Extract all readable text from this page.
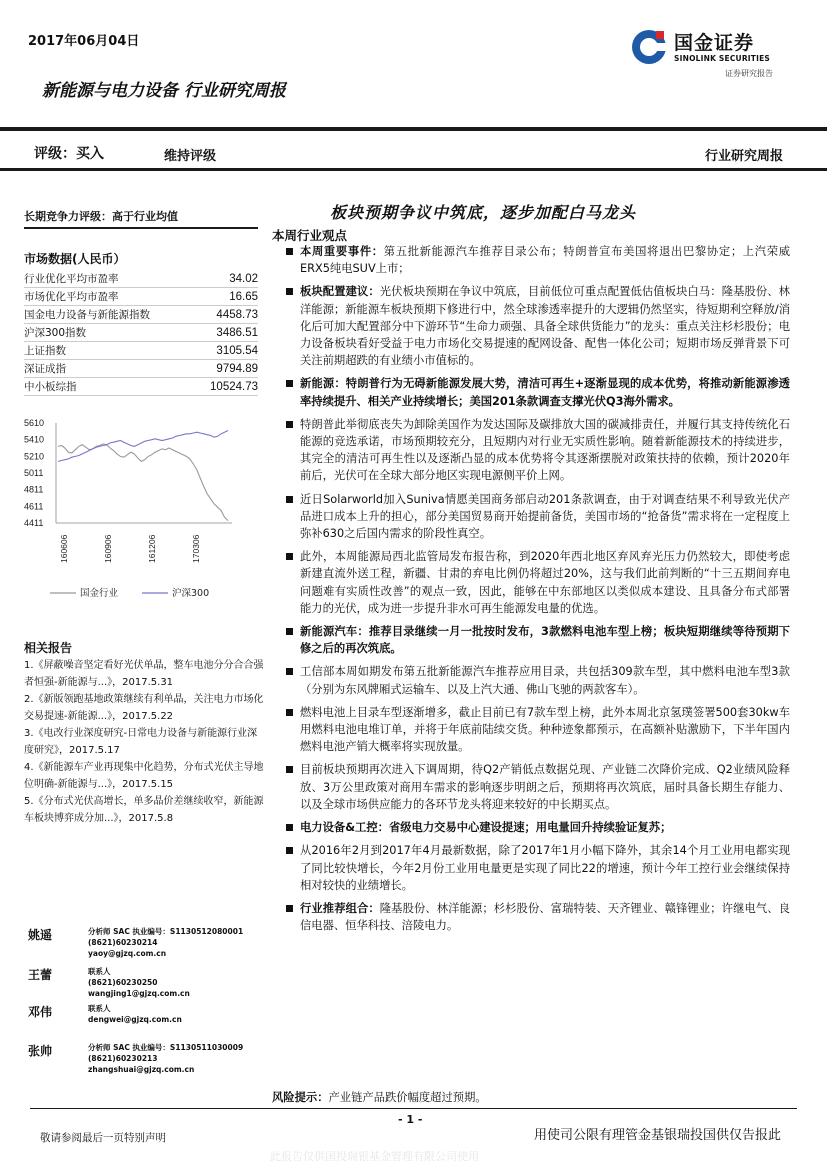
2017年06月04日	国金证券
SINOLINK SECURITIES
证券研究报告
新能源与电力设备 行业研究周报
评级：买入	维持评级	行业研究周报
长期竞争力评级：高于行业均值
市场数据(人民币）
行业优化平均市盈率	34.02
市场优化平均市盈率	16.65
国金电力设备与新能源指数	4458.73
沪深300指数	3486.51
上证指数	3105.54
深证成指	9794.89
中小板综指	10524.73
5610
5410
5210
5011
4811
4611
4411
160606	160906	161206	170306
国金行业	沪深300
相关报告

1.《屏蔽噪音坚定看好光伏单晶，整车电池分分合合强者恒强-新能源与...》，2017.5.31

2.《新版领跑基地政策继续有利单晶，关注电力市场化交易提速-新能源...》，2017.5.22

3.《电改行业深度研究-日常电力设备与新能源行业深度研究》，2017.5.17

4.《新能源车产业再现集中化趋势，分布式光伏主导地位明确-新能源与...》，2017.5.15

5.《分布式光伏高增长，单多晶价差继续收窄，新能源车板块博弈成分加...》，2017.5.8

姚遥	分析师 SAC 执业编号：S1130512080001
(8621)60230214
yaoy@gjzq.com.cn
王蕾	联系人
(8621)60230250
wangjing1@gjzq.com.cn
邓伟	联系人
dengwei@gjzq.com.cn
张帅	分析师 SAC 执业编号：S1130511030009
(8621)60230213
zhangshuai@gjzq.com.cn
板块预期争议中筑底，逐步加配白马龙头
本周行业观点
本周重要事件：第五批新能源汽车推荐目录公布；特朗普宣布美国将退出巴黎协定；上汽荣威ERX5纯电SUV上市；
板块配置建议：光伏板块预期在争议中筑底，目前低位可重点配置低估值板块白马：隆基股份、林洋能源；新能源车板块预期下修进行中，然全球渗透率提升的大逻辑仍然坚实，待短期利空释放/消化后可加大配置部分中下游环节“生命力顽强、具备全球供货能力”的龙头：重点关注杉杉股份；电力设备板块看好受益于电力市场化交易提速的配网设备、配售一体化公司；短期市场反弹背景下可关注前期超跌的有业绩小市值标的。
新能源：特朗普行为无碍新能源发展大势，清洁可再生+逐渐显现的成本优势，将推动新能源渗透率持续提升、相关产业持续增长；美国201条款调查支撑光伏Q3海外需求。
特朗普此举彻底丧失为卸除美国作为发达国际及碳排放大国的碳减排责任，并履行其支持传统化石能源的竞选承诺，市场预期较充分，且短期内对行业无实质性影响。随着新能源技术的持续进步，其完全的清洁可再生性以及逐渐凸显的成本优势将令其逐渐摆脱对政策扶持的依赖，预计2020年前后，光伏可在全球大部分地区实现电源侧平价上网。
近日Solarworld加入Suniva情愿美国商务部启动201条款调查，由于对调查结果不利导致光伏产品进口成本上升的担心，部分美国贸易商开始提前备货，美国市场的“抢备货”需求将在一定程度上弥补630之后国内需求的阶段性真空。
此外，本周能源局西北监管局发布报告称，到2020年西北地区弃风弃光压力仍然较大，即使考虑新建直流外送工程，新疆、甘肃的弃电比例仍将超过20%，这与我们此前判断的“十三五期间弃电问题难有实质性改善”的观点一致，因此，能够在中东部地区以类似成本建设、且具备分布式部署能力的光伏，成为进一步提升非水可再生能源发电量的优选。
新能源汽车：推荐目录继续一月一批按时发布，3款燃料电池车型上榜；板块短期继续等待预期下修之后的再次筑底。
工信部本周如期发布第五批新能源汽车推荐应用目录，共包括309款车型，其中燃料电池车型3款（分别为东风牌厢式运输车、以及上汽大通、佛山飞驰的两款客车）。
燃料电池上目录车型逐渐增多，截止目前已有7款车型上榜，此外本周北京氢璞签署500套30kw车用燃料电池电堆订单，并将于年底前陆续交货。种种迹象都预示，在高额补贴激励下，下半年国内燃料电池产销大概率将实现放量。
目前板块预期再次进入下调周期，待Q2产销低点数据兑现、产业链二次降价完成、Q2业绩风险释放、3万公里政策对商用车需求的影响逐步明朗之后，预期将再次筑底，届时具备长期生存能力、以及全球市场供应能力的各环节龙头将迎来较好的中长期买点。
电力设备&工控：省级电力交易中心建设提速；用电量回升持续验证复苏；
从2016年2月到2017年4月最新数据，除了2017年1月小幅下降外，其余14个月工业用电都实现了同比较快增长，今年2月份工业用电量更是实现了同比22的增速，预计今年工控行业会继续保持相对较快的业绩增长。
行业推荐组合：隆基股份、林洋能源；杉杉股份、富瑞特装、天齐锂业、赣锋锂业；许继电气、良信电器、恒华科技、涪陵电力。
风险提示：产业链产品跌价幅度超过预期。
- 1 -
敬请参阅最后一页特别声明	用使司公限有理管金基银瑞投国供仅告报此
此报告仅供国投瑞银基金管理有限公司使用
